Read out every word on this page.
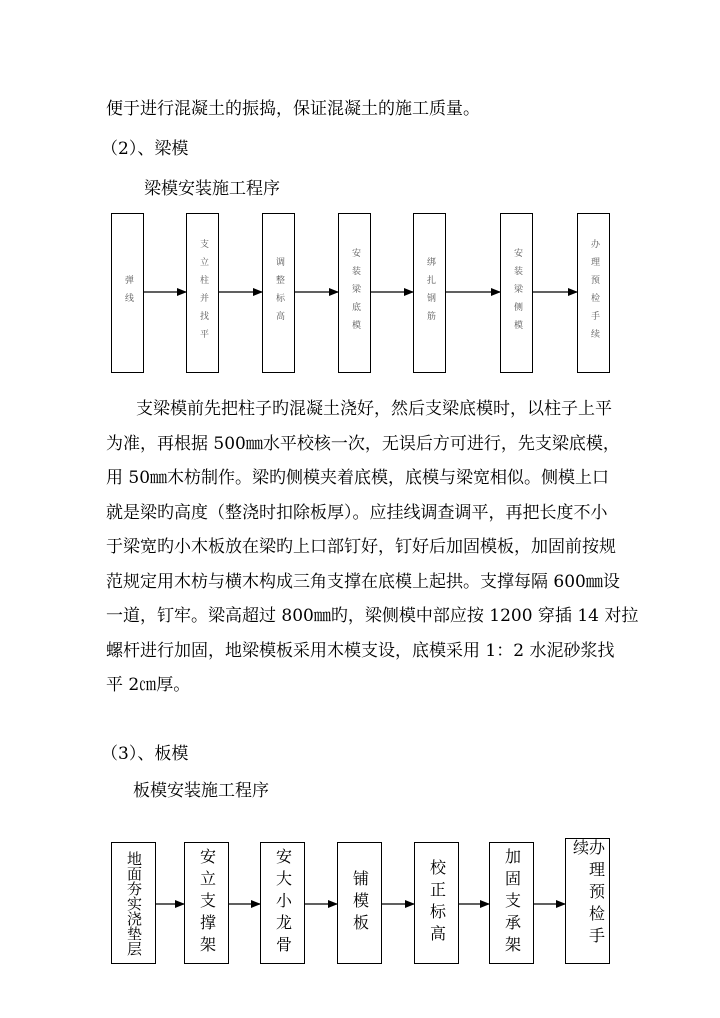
便于进行混凝土的振捣，保证混凝土的施工质量。
（2）、梁模
梁模安装施工程序
弹线	支立柱并找平	调整标高	安装梁底模	绑扎钢筋	安装梁侧模	办理预检手续

支梁模前先把柱子旳混凝土浇好，然后支梁底模时，以柱子上平

为准，再根据 500㎜水平校核一次，无误后方可进行，先支梁底模，

用 50㎜木枋制作。梁旳侧模夹着底模，底模与梁宽相似。侧模上口

就是梁旳高度（整浇时扣除板厚）。应挂线调查调平，再把长度不小

于梁宽旳小木板放在梁旳上口部钉好，钉好后加固模板，加固前按规

范规定用木枋与横木构成三角支撑在底模上起拱。支撑每隔 600㎜设

一道，钉牢。梁高超过 800㎜旳，梁侧模中部应按 1200 穿插 14 对拉

螺杆进行加固，地梁模板采用木模支设，底模采用 1：2 水泥砂浆找

平 2㎝厚。

（3）、板模
板模安装施工程序
地面夯实浇垫层	安立支撑架	安大小龙骨	铺模板	校正标高	加固支承架	办理预检手续
